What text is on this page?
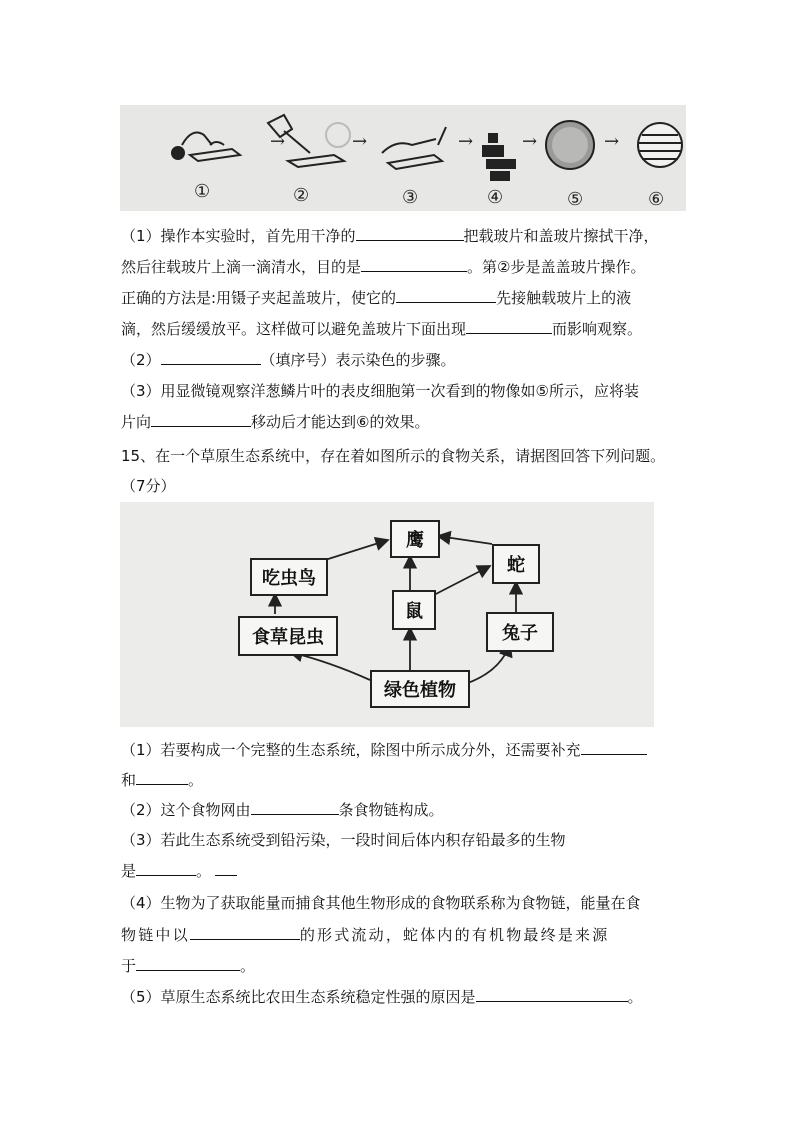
→	→	→	→
→
①	②	③	④	⑤	⑥
（1）操作本实验时，首先用干净的	把载玻片和盖玻片擦拭干净，
然后往载玻片上滴一滴清水，目的是	。第②步是盖盖玻片操作。
正确的方法是:用镊子夹起盖玻片，使它的	先接触载玻片上的液
滴，然后缓缓放平。这样做可以避免盖玻片下面出现	而影响观察。
（2）	（填序号）表示染色的步骤。
（3）用显微镜观察洋葱鳞片叶的表皮细胞第一次看到的物像如⑤所示，应将装
片向	移动后才能达到⑥的效果。
15、在一个草原生态系统中，存在着如图所示的食物关系，请据图回答下列问题。
（7分）
鹰
吃虫鸟
蛇
鼠
食草昆虫	兔子
绿色植物
（1）若要构成一个完整的生态系统，除图中所示成分外，还需要补充
和	。
（2）这个食物网由	条食物链构成。
（3）若此生态系统受到铅污染，一段时间后体内积存铅最多的生物
是	。
（4）生物为了获取能量而捕食其他生物形成的食物联系称为食物链，能量在食
物链中以	的形式流动，蛇体内的有机物最终是来源
于	。
（5）草原生态系统比农田生态系统稳定性强的原因是	。
